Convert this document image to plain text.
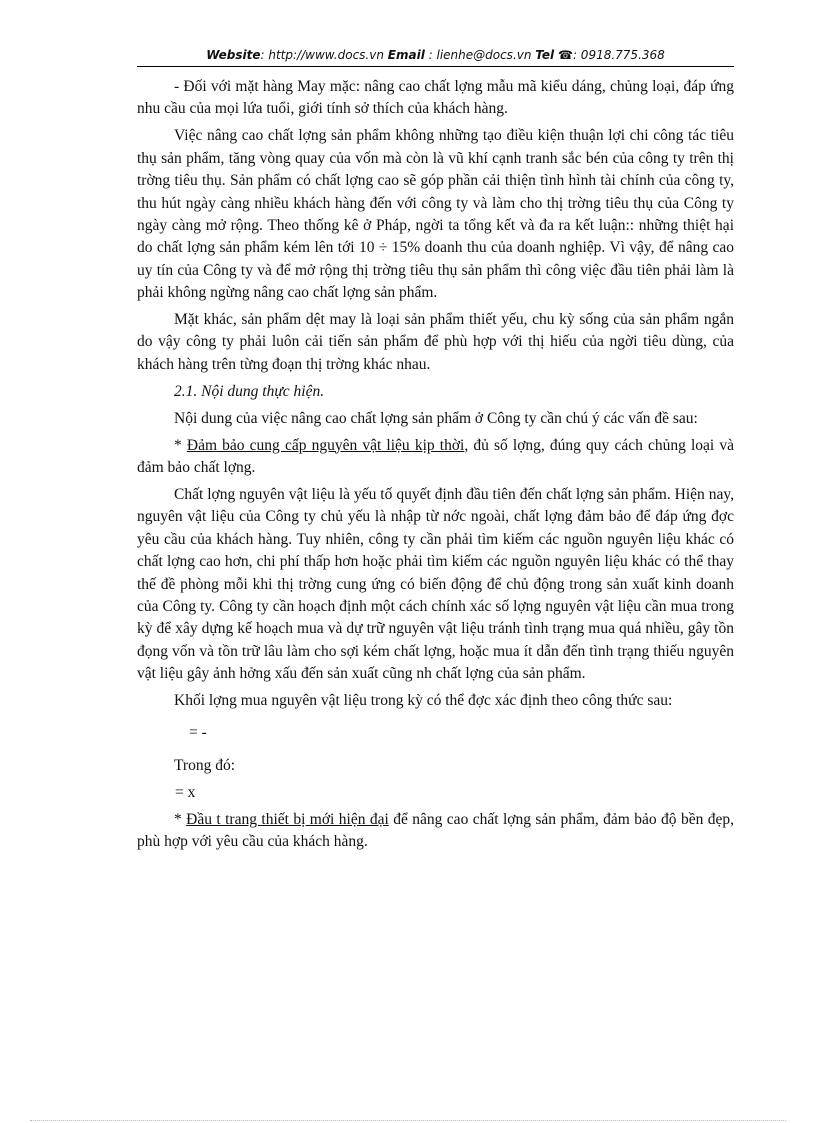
Website: http://www.docs.vn Email : lienhe@docs.vn Tel ☎: 0918.775.368

- Đối với mặt hàng May mặc: nâng cao chất lợng mẫu mã kiểu dáng, chủng loại, đáp ứng nhu cầu của mọi lứa tuổi, giới tính sở thích của khách hàng.

Việc nâng cao chất lợng sản phẩm không những tạo điều kiện thuận lợi chi công tác tiêu thụ sản phẩm, tăng vòng quay của vốn mà còn là vũ khí cạnh tranh sắc bén của công ty trên thị trờng tiêu thụ. Sản phẩm có chất lợng cao sẽ góp phần cải thiện tình hình tài chính của công ty, thu hút ngày càng nhiều khách hàng đến với công ty và làm cho thị trờng tiêu thụ của Công ty ngày càng mở rộng. Theo thống kê ở Pháp, ngời ta tổng kết và đa ra kết luận:: những thiệt hại do chất lợng sản phẩm kém lên tới 10 ÷ 15% doanh thu của doanh nghiệp. Vì vậy, để nâng cao uy tín của Công ty và để mở rộng thị trờng tiêu thụ sản phẩm thì công việc đầu tiên phải làm là phải không ngừng nâng cao chất lợng sản phẩm.

Mặt khác, sản phẩm dệt may là loại sản phẩm thiết yếu, chu kỳ sống của sản phẩm ngắn do vậy công ty phải luôn cải tiến sản phẩm để phù hợp với thị hiếu của ngời tiêu dùng, của khách hàng trên từng đoạn thị trờng khác nhau.

2.1. Nội dung thực hiện.

Nội dung của việc nâng cao chất lợng sản phẩm ở Công ty cần chú ý các vấn đề sau:

* Đảm bảo cung cấp nguyên vật liệu kịp thời, đủ số lợng, đúng quy cách chủng loại và đảm bảo chất lợng.

Chất lợng nguyên vật liệu là yếu tố quyết định đầu tiên đến chất lợng sản phẩm. Hiện nay, nguyên vật liệu của Công ty chủ yếu là nhập từ nớc ngoài, chất lợng đảm bảo để đáp ứng đợc yêu cầu của khách hàng. Tuy nhiên, công ty cần phải tìm kiếm các nguồn nguyên liệu khác có chất lợng cao hơn, chi phí thấp hơn hoặc phải tìm kiếm các nguồn nguyên liệu khác có thể thay thế đề phòng mỗi khi thị trờng cung ứng có biến động để chủ động trong sản xuất kinh doanh của Công ty. Công ty cần hoạch định một cách chính xác số lợng nguyên vật liệu cần mua trong kỳ để xây dựng kế hoạch mua và dự trữ nguyên vật liệu tránh tình trạng mua quá nhiều, gây tồn đọng vốn và tồn trữ lâu làm cho sợi kém chất lợng, hoặc mua ít dẫn đến tình trạng thiếu nguyên vật liệu gây ảnh hởng xấu đến sản xuất cũng nh chất lợng của sản phẩm.

Khối lợng mua nguyên vật liệu trong kỳ có thể đợc xác định theo công thức sau:

= -

Trong đó:

= x

* Đầu t trang thiết bị mới hiện đại để nâng cao chất lợng sản phẩm, đảm bảo độ bền đẹp, phù hợp với yêu cầu của khách hàng.
